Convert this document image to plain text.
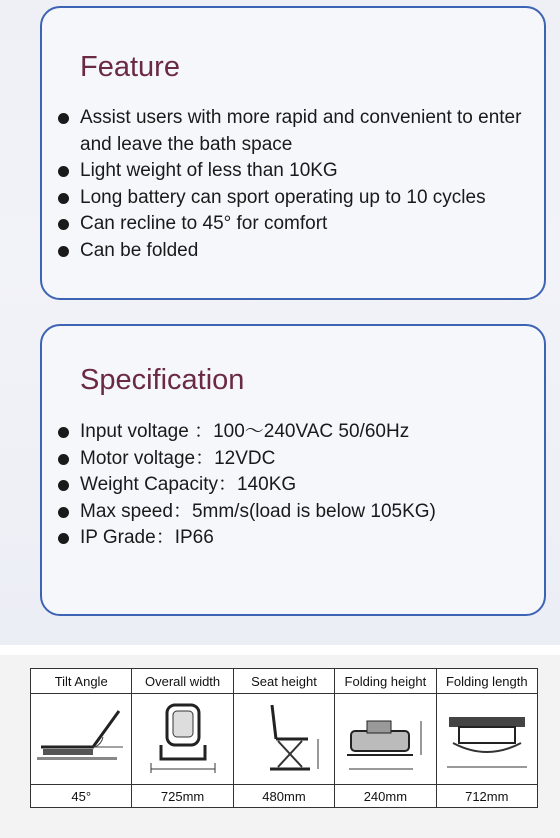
Feature
Assist users with more rapid and convenient to enter and leave the bath space
Light weight of less than 10KG
Long battery can sport operating up to 10 cycles
Can recline to 45° for comfort
Can be folded
Specification
Input voltage ：100～240VAC 50/60Hz
Motor voltage：12VDC
Weight Capacity：140KG
Max speed：5mm/s(load is below 105KG)
IP Grade：IP66
Tilt Angle	Overall width	Seat height	Folding height	Folding length

45°	725mm	480mm	240mm	712mm
